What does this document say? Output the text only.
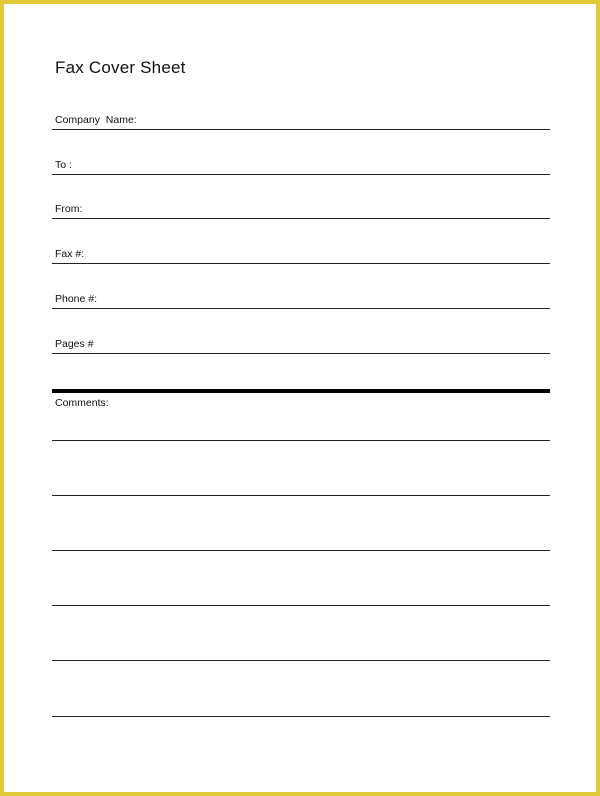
Fax Cover Sheet
Company  Name:
To :
From:
Fax #:
Phone #:
Pages #
Comments:
